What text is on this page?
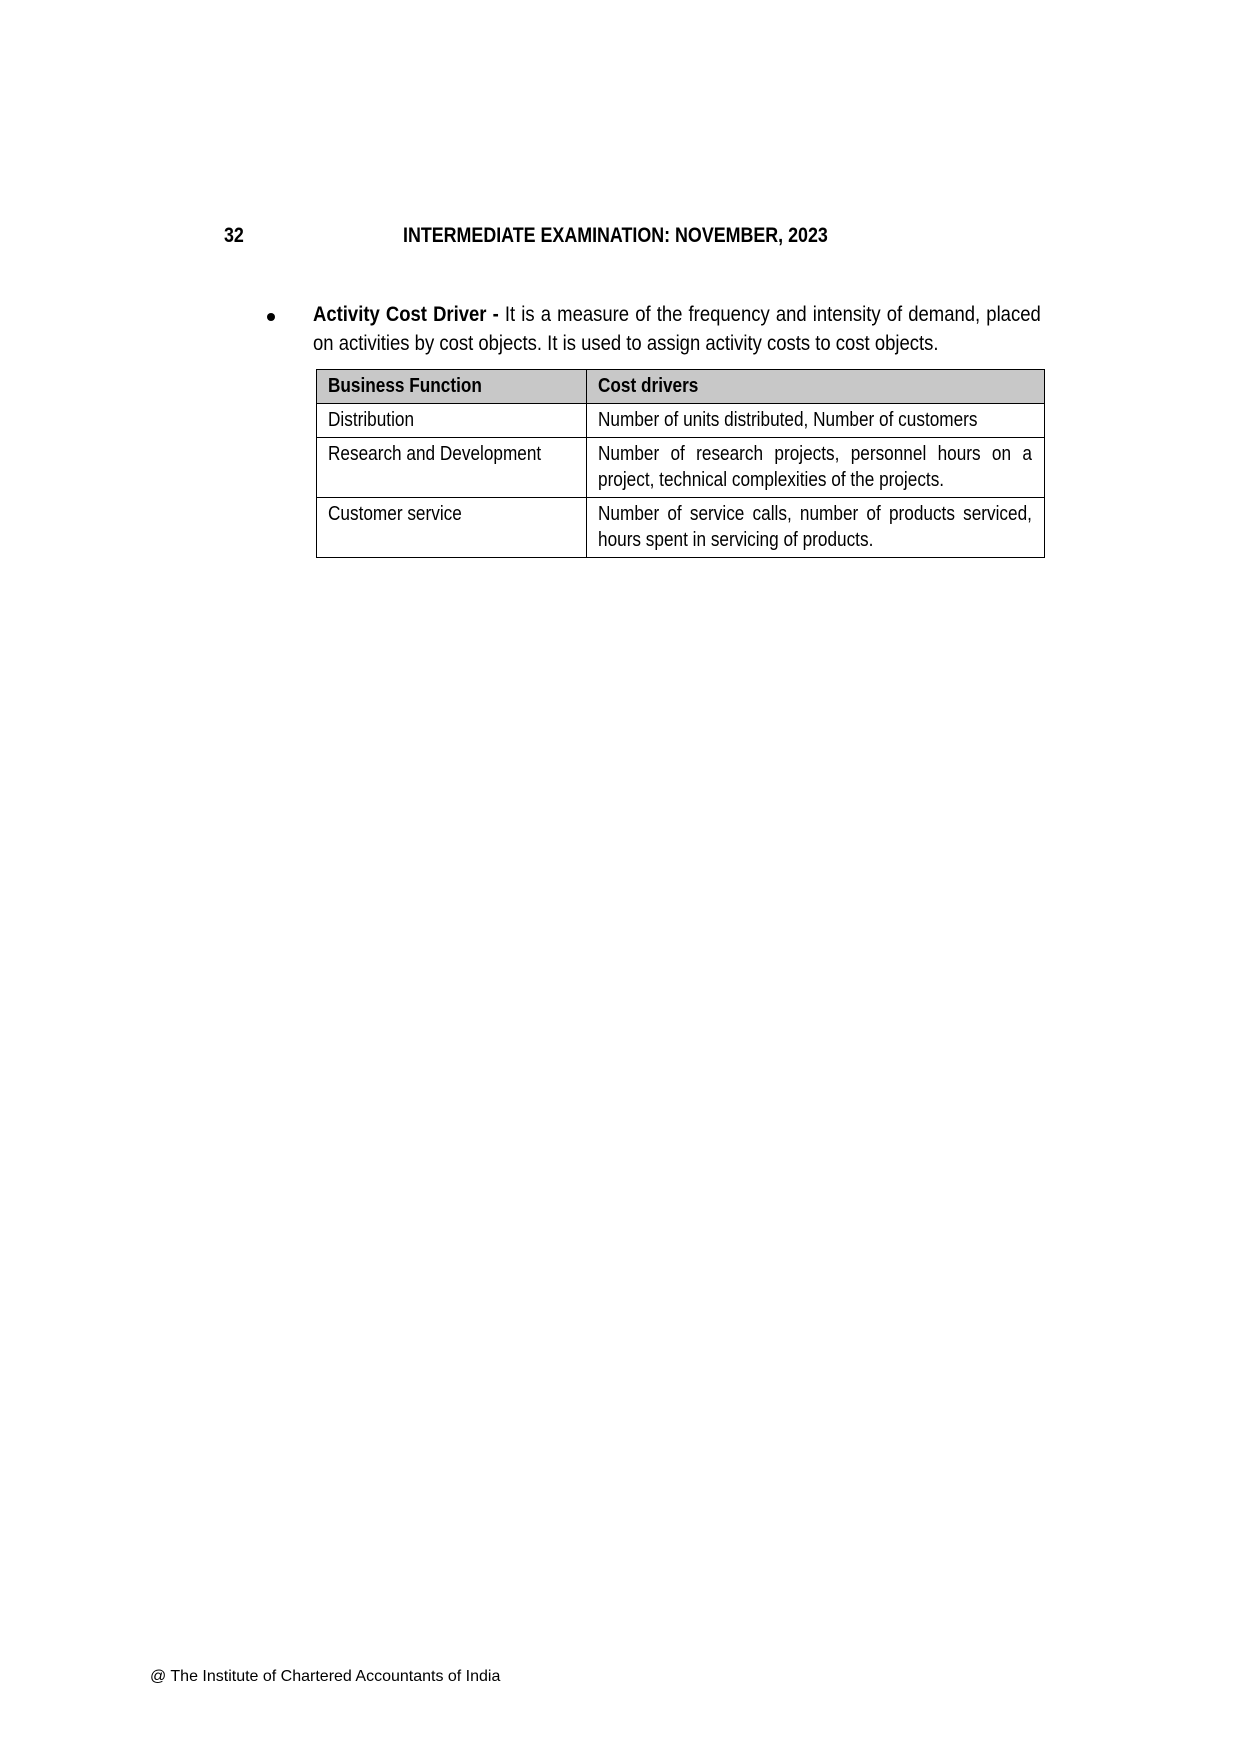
32	INTERMEDIATE EXAMINATION: NOVEMBER, 2023
Activity Cost Driver - It is a measure of the frequency and intensity of demand, placed on activities by cost objects. It is used to assign activity costs to cost objects.
Business Function	Cost drivers

Distribution	Number of units distributed, Number of customers

Research and Development	Number of research projects, personnel hours on a project, technical complexities of the projects.

Customer service	Number of service calls, number of products serviced, hours spent in servicing of products.
@ The Institute of Chartered Accountants of India
